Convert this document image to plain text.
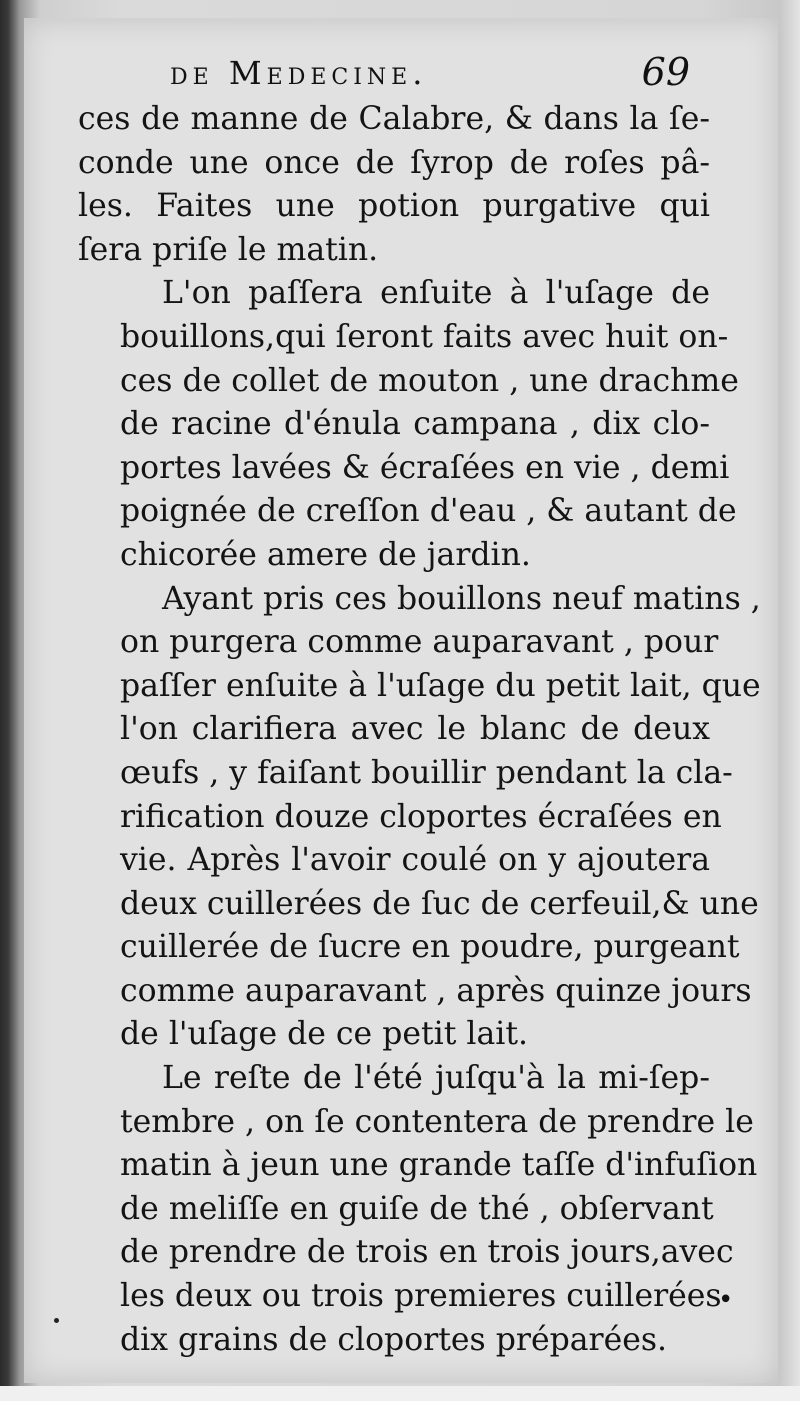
de Medecine.	69

ces de manne de Calabre, & dans la ſe-
conde une once de ſyrop de roſes pâ-
les. Faites une potion purgative qui
ſera priſe le matin.

L'on paſſera enſuite à l'uſage de
bouillons,qui ſeront faits avec huit on-
ces de collet de mouton , une drachme
de racine d'énula campana , dix clo-
portes lavées & écraſées en vie , demi
poignée de creſſon d'eau , & autant de
chicorée amere de jardin.

Ayant pris ces bouillons neuf matins ,
on purgera comme auparavant , pour
paſſer enſuite à l'uſage du petit lait, que
l'on clarifiera avec le blanc de deux
œufs , y faiſant bouillir pendant la cla-
rification douze cloportes écraſées en
vie. Après l'avoir coulé on y ajoutera
deux cuillerées de ſuc de cerfeuil,& une
cuillerée de ſucre en poudre, purgeant
comme auparavant , après quinze jours
de l'uſage de ce petit lait.

Le reſte de l'été juſqu'à la mi-ſep-
tembre , on ſe contentera de prendre le
matin à jeun une grande taſſe d'infuſion
de meliſſe en guiſe de thé , obſervant
de prendre de trois en trois jours,avec
les deux ou trois premieres cuillerées
dix grains de cloportes préparées.

•
